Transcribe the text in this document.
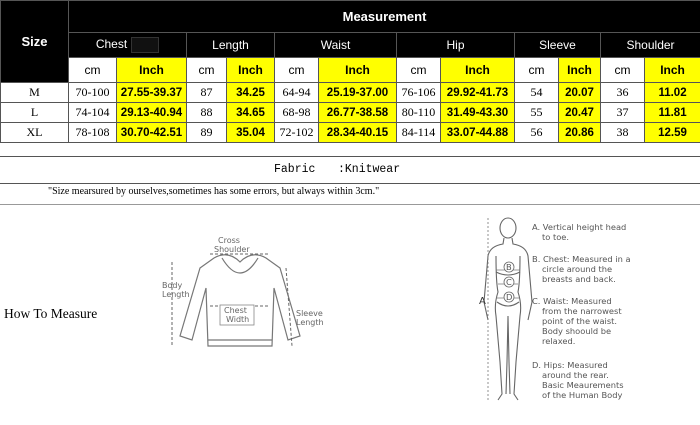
Size	Measurement											
	Chest		Length		Waist		Hip		Sleeve		Shoulder	
	cm	Inch	cm	Inch	cm	Inch	cm	Inch	cm	Inch	cm	Inch
M	70-100	27.55-39.37	87	34.25	64-94	25.19-37.00	76-106	29.92-41.73	54	20.07	36	11.02
L	74-104	29.13-40.94	88	34.65	68-98	26.77-38.58	80-110	31.49-43.30	55	20.47	37	11.81
XL	78-108	30.70-42.51	89	35.04	72-102	28.34-40.15	84-114	33.07-44.88	56	20.86	38	12.59
Fabric :Knitwear
"Size mearsured by ourselves,sometimes has some errors, but always within 3cm."
How To Measure
Cross
Shoulder
Body
Length
Chest
Width
Sleeve
Length
A
B
C
D
A. Vertical height head
to toe.
B. Chest: Measured in a
circle around the
breasts and back.
C. Waist: Measured
from the narrowest
point of the waist.
Body shoould be
relaxed.
D. Hips: Measured
around the rear.
Basic Meaurements
of the Human Body
